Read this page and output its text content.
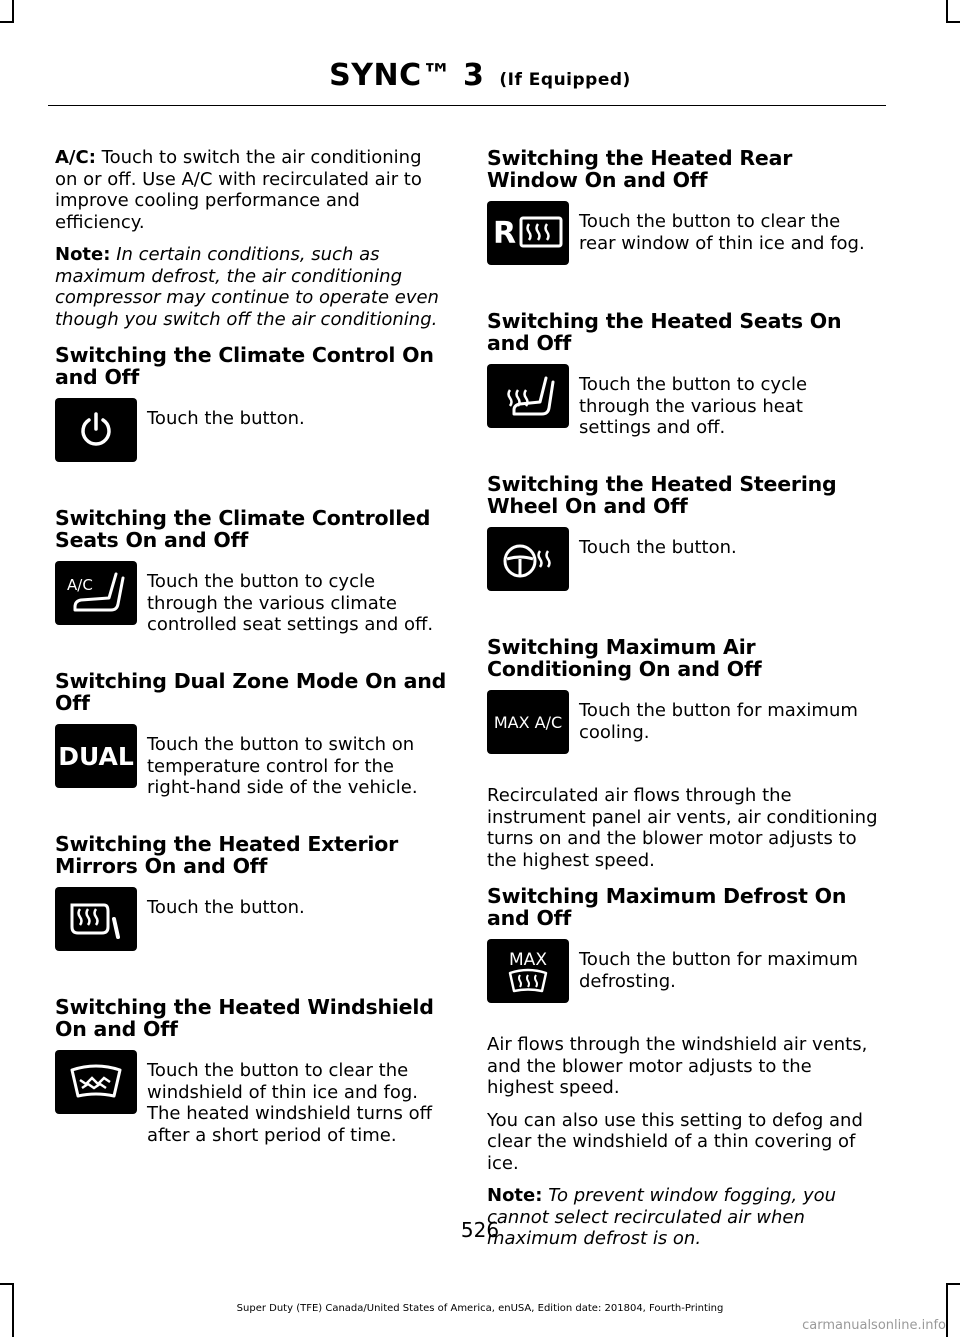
SYNC™ 3 (If Equipped)

A/C: Touch to switch the air conditioning on or off. Use A/C with recirculated air to improve cooling performance and efficiency.

Note: In certain conditions, such as maximum defrost, the air conditioning compressor may continue to operate even though you switch off the air conditioning.

Switching the Climate Control On and Off
Touch the button.
Switching the Climate Controlled Seats On and Off
A/C	Touch the button to cycle through the various climate controlled seat settings and off.
Switching Dual Zone Mode On and Off
DUAL Touch the button to switch on temperature control for the right-hand side of the vehicle.
Switching the Heated Exterior Mirrors On and Off
Touch the button.
Switching the Heated Windshield On and Off
Touch the button to clear the windshield of thin ice and fog. The heated windshield turns off after a short period of time.
Switching the Heated Rear Window On and Off
R	Touch the button to clear the rear window of thin ice and fog.
Switching the Heated Seats On and Off
Touch the button to cycle through the various heat settings and off.
Switching the Heated Steering Wheel On and Off
Touch the button.
Switching Maximum Air Conditioning On and Off
MAX A/C
Touch the button for maximum cooling.

Recirculated air flows through the instrument panel air vents, air conditioning turns on and the blower motor adjusts to the highest speed.

Switching Maximum Defrost On and Off
MAX Touch the button for maximum defrosting.

Air flows through the windshield air vents, and the blower motor adjusts to the highest speed.

You can also use this setting to defog and clear the windshield of a thin covering of ice.

Note: To prevent window fogging, you cannot select recirculated air when maximum defrost is on.

526
Super Duty (TFE) Canada/United States of America, enUSA, Edition date: 201804, Fourth-Printing
carmanualsonline.info
